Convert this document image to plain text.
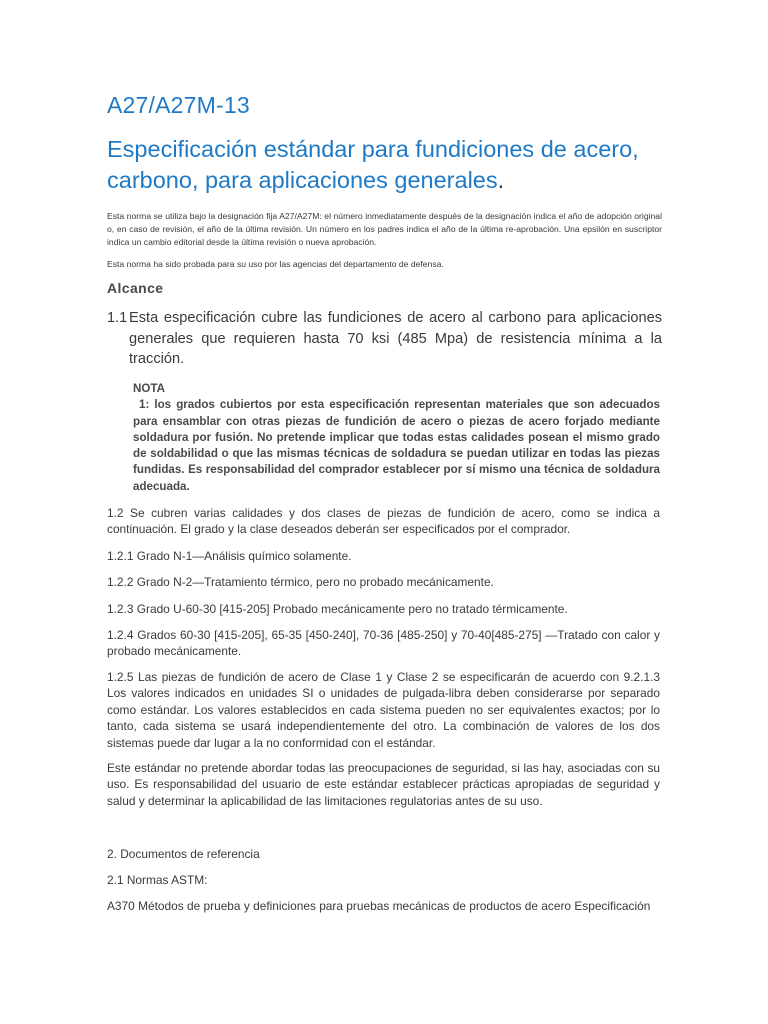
A27/A27M-13
Especificación estándar para fundiciones de acero, carbono, para aplicaciones generales.

Esta norma se utiliza bajo la designación fija A27/A27M: el número inmediatamente después de la designación indica el año de adopción original o, en caso de revisión, el año de la última revisión. Un número en los padres indica el año de la última re-aprobación. Una epsilón en suscriptor indica un cambio editorial desde la última revisión o nueva aprobación.

Esta norma ha sido probada para su uso por las agencias del departamento de defensa.

Alcance
1.1 Esta especificación cubre las fundiciones de acero al carbono para aplicaciones generales que requieren hasta 70 ksi (485 Mpa) de resistencia mínima a la tracción.
NOTA
1: los grados cubiertos por esta especificación representan materiales que son adecuados para ensamblar con otras piezas de fundición de acero o piezas de acero forjado mediante soldadura por fusión. No pretende implicar que todas estas calidades posean el mismo grado de soldabilidad o que las mismas técnicas de soldadura se puedan utilizar en todas las piezas fundidas. Es responsabilidad del comprador establecer por sí mismo una técnica de soldadura adecuada.

1.2 Se cubren varias calidades y dos clases de piezas de fundición de acero, como se indica a continuación. El grado y la clase deseados deberán ser especificados por el comprador.

1.2.1 Grado N-1—Análisis químico solamente.

1.2.2 Grado N-2—Tratamiento térmico, pero no probado mecánicamente.

1.2.3 Grado U-60-30 [415-205] Probado mecánicamente pero no tratado térmicamente.

1.2.4 Grados 60-30 [415-205], 65-35 [450-240], 70-36 [485-250] y 70-40[485-275] —Tratado con calor y probado mecánicamente.

1.2.5 Las piezas de fundición de acero de Clase 1 y Clase 2 se especificarán de acuerdo con 9.2.1.3 Los valores indicados en unidades SI o unidades de pulgada-libra deben considerarse por separado como estándar. Los valores establecidos en cada sistema pueden no ser equivalentes exactos; por lo tanto, cada sistema se usará independientemente del otro. La combinación de valores de los dos sistemas puede dar lugar a la no conformidad con el estándar.

Este estándar no pretende abordar todas las preocupaciones de seguridad, si las hay, asociadas con su uso. Es responsabilidad del usuario de este estándar establecer prácticas apropiadas de seguridad y salud y determinar la aplicabilidad de las limitaciones regulatorias antes de su uso.

2. Documentos de referencia

2.1 Normas ASTM:

A370 Métodos de prueba y definiciones para pruebas mecánicas de productos de acero Especificación
